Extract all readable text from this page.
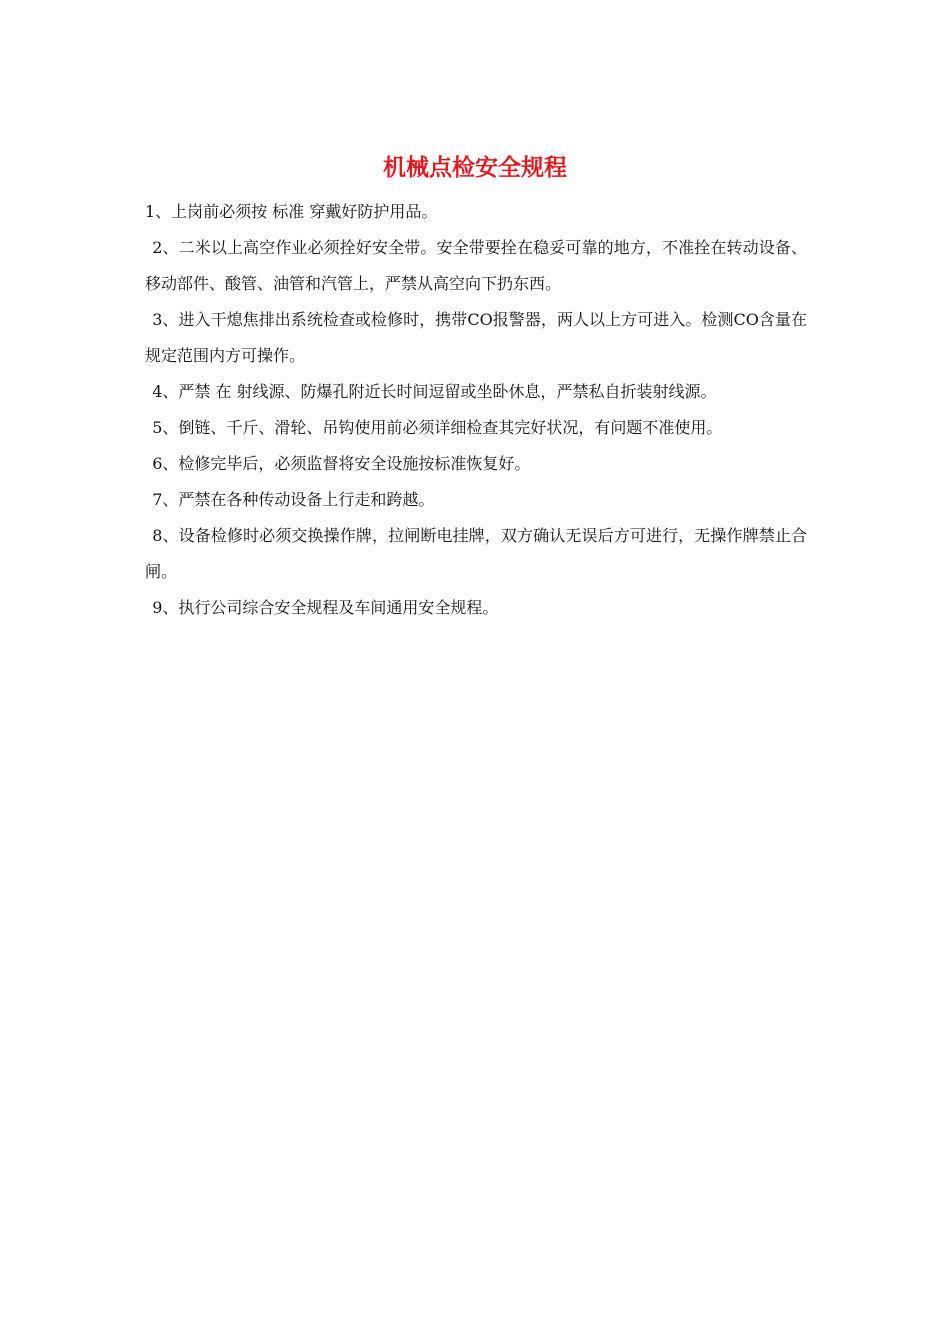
机械点检安全规程

1、上岗前必须按 标准 穿戴好防护用品。

2、二米以上高空作业必须拴好安全带。安全带要拴在稳妥可靠的地方，不准拴在转动设备、移动部件、酸管、油管和汽管上，严禁从高空向下扔东西。

3、进入干熄焦排出系统检查或检修时，携带CO报警器，两人以上方可进入。检测CO含量在规定范围内方可操作。

4、严禁 在 射线源、防爆孔附近长时间逗留或坐卧休息，严禁私自折装射线源。

5、倒链、千斤、滑轮、吊钩使用前必须详细检查其完好状况，有问题不准使用。

6、检修完毕后，必须监督将安全设施按标准恢复好。

7、严禁在各种传动设备上行走和跨越。

8、设备检修时必须交换操作牌，拉闸断电挂牌，双方确认无误后方可进行，无操作牌禁止合闸。

9、执行公司综合安全规程及车间通用安全规程。
